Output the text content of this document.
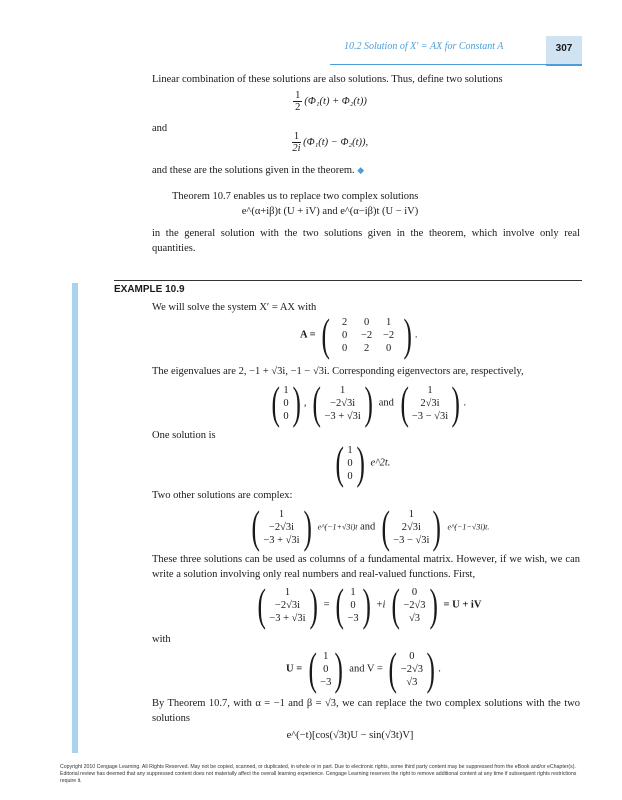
10.2 Solution of X′ = AX for Constant A	307
Linear combination of these solutions are also solutions. Thus, define two solutions
$\frac{1}{2} (\Phi_1(t) + \Phi_2(t))$
and
$\frac{1}{2i} (\Phi_1(t) - \Phi_2(t))$,
and these are the solutions given in the theorem. ◆
Theorem 10.7 enables us to replace two complex solutions
e^(α+iβ)t (U + iV) and e^(α−iβ)t (U − iV)
in the general solution with the two solutions given in the theorem, which involve only real quantities.
EXAMPLE 10.9
We will solve the system X′ = AX with
A = (	2	0	1
0	−2	−2
0	2	0 ) .
The eigenvalues are 2, −1 + √3i, −1 − √3i. Corresponding eigenvectors are, respectively,
( 1
0
0 ) , ( 1
−2√3i
−3 + √3i ) and ( 1
2√3i
−3 − √3i ) .
One solution is
( 1
0
0 ) e^2t.
Two other solutions are complex:
( 1
−2√3i
−3 + √3i ) e^(−1+√3i)t and ( 1
2√3i
−3 − √3i ) e^(−1−√3i)t.
These three solutions can be used as columns of a fundamental matrix. However, if we wish, we can write a solution involving only real numbers and real-valued functions. First,
( 1
−2√3i
−3 + √3i ) = ( 1
0
−3 ) +i ( 0
−2√3
√3 ) = U + iV
with
U = ( 1
0
−3 ) and V = ( 0
−2√3
√3 ) .
By Theorem 10.7, with α = −1 and β = √3, we can replace the two complex solutions with the two solutions
e^(−t)[cos(√3t)U − sin(√3t)V]
Copyright 2010 Cengage Learning. All Rights Reserved. May not be copied, scanned, or duplicated, in whole or in part. Due to electronic rights, some third party content may be suppressed from the eBook and/or eChapter(s).
Editorial review has deemed that any suppressed content does not materially affect the overall learning experience. Cengage Learning reserves the right to remove additional content at any time if subsequent rights restrictions require it.
